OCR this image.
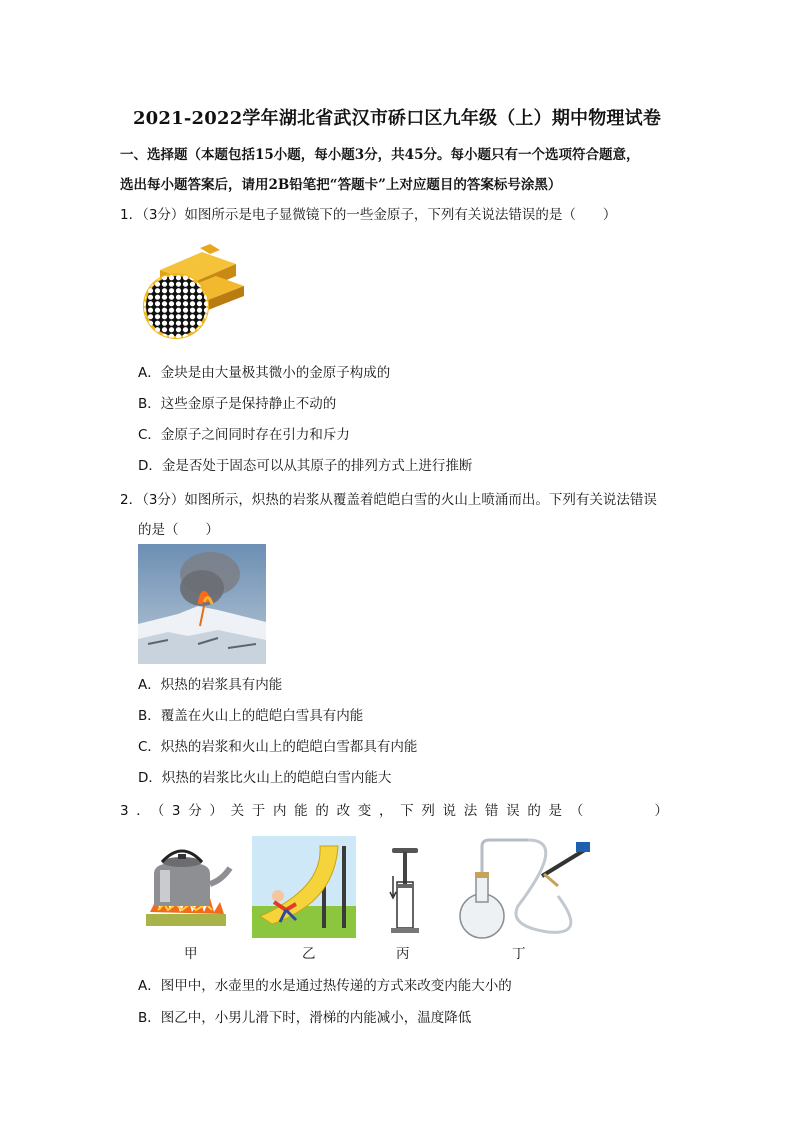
2021-2022学年湖北省武汉市硚口区九年级（上）期中物理试卷
一、选择题（本题包括15小题，每小题3分，共45分。每小题只有一个选项符合题意，
选出每小题答案后，请用2B铅笔把“答题卡”上对应题目的答案标号涂黑）
1．（3分）如图所示是电子显微镜下的一些金原子，下列有关说法错误的是（　　）
A．金块是由大量极其微小的金原子构成的
B．这些金原子是保持静止不动的
C．金原子之间同时存在引力和斥力
D．金是否处于固态可以从其原子的排列方式上进行推断
2．（3分）如图所示，炽热的岩浆从覆盖着皑皑白雪的火山上喷涌而出。下列有关说法错误
的是（　　）
A．炽热的岩浆具有内能
B．覆盖在火山上的皑皑白雪具有内能
C．炽热的岩浆和火山上的皑皑白雪都具有内能
D．炽热的岩浆比火山上的皑皑白雪内能大
3．（3分）关于内能的改变，下列说法错误的是（　　　）
甲	乙	丙	丁
A．图甲中，水壶里的水是通过热传递的方式来改变内能大小的
B．图乙中，小男儿滑下时，滑梯的内能减小，温度降低
